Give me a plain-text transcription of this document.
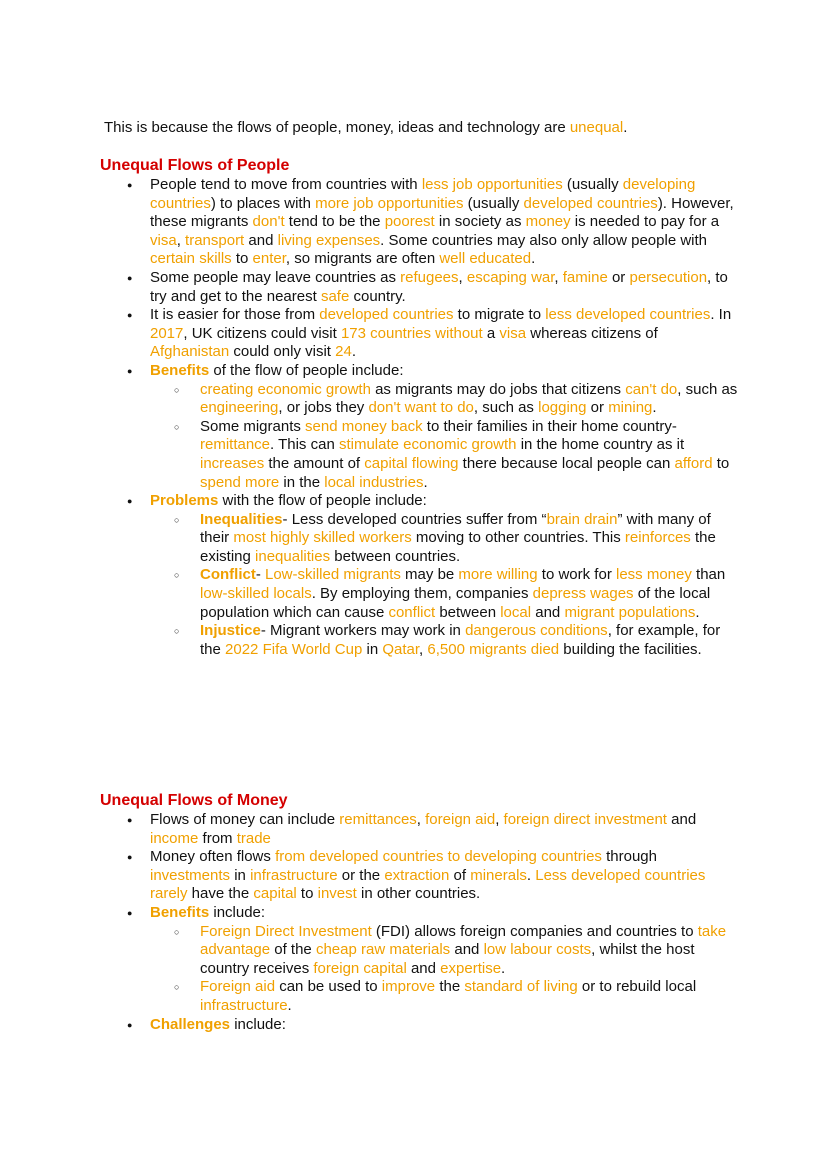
This is because the flows of people, money, ideas and technology are unequal.
Unequal Flows of People
● People tend to move from countries with less job opportunities (usually developing countries) to places with more job opportunities (usually developed countries). However, these migrants don't tend to be the poorest in society as money is needed to pay for a visa, transport and living expenses. Some countries may also only allow people with certain skills to enter, so migrants are often well educated.
● Some people may leave countries as refugees, escaping war, famine or persecution, to try and get to the nearest safe country.
● It is easier for those from developed countries to migrate to less developed countries. In 2017, UK citizens could visit 173 countries without a visa whereas citizens of Afghanistan could only visit 24.
● Benefits of the flow of people include:
○ creating economic growth as migrants may do jobs that citizens can't do, such as engineering, or jobs they don't want to do, such as logging or mining.
○ Some migrants send money back to their families in their home country- remittance. This can stimulate economic growth in the home country as it increases the amount of capital flowing there because local people can afford to spend more in the local industries.
● Problems with the flow of people include:
○ Inequalities- Less developed countries suffer from “brain drain” with many of their most highly skilled workers moving to other countries. This reinforces the existing inequalities between countries.
○ Conflict- Low-skilled migrants may be more willing to work for less money than low-skilled locals. By employing them, companies depress wages of the local population which can cause conflict between local and migrant populations.
○ Injustice- Migrant workers may work in dangerous conditions, for example, for the 2022 Fifa World Cup in Qatar, 6,500 migrants died building the facilities.
Unequal Flows of Money
● Flows of money can include remittances, foreign aid, foreign direct investment and income from trade
● Money often flows from developed countries to developing countries through investments in infrastructure or the extraction of minerals. Less developed countries rarely have the capital to invest in other countries.
● Benefits include:
○ Foreign Direct Investment (FDI) allows foreign companies and countries to take advantage of the cheap raw materials and low labour costs, whilst the host country receives foreign capital and expertise.
○ Foreign aid can be used to improve the standard of living or to rebuild local infrastructure.
● Challenges include:
